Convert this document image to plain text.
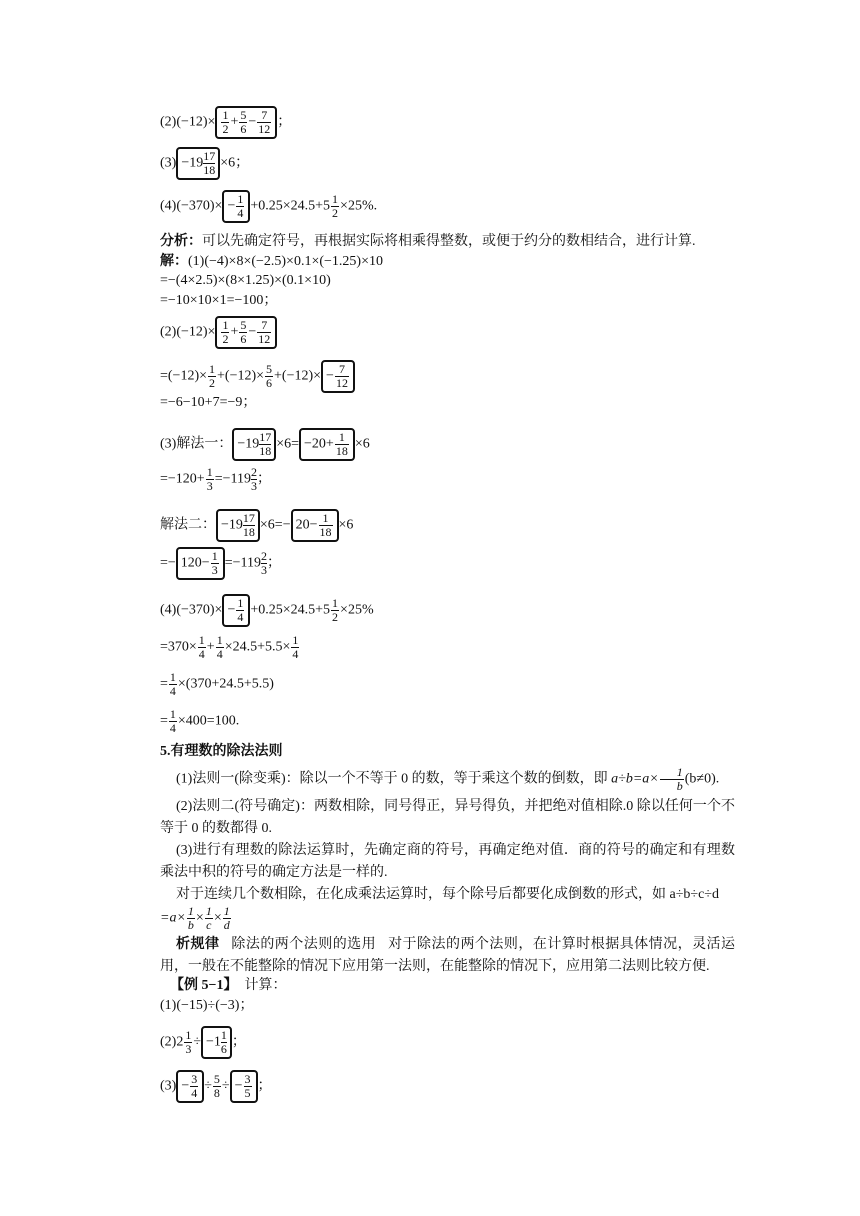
$(2)(-12)\times \frac{1}{2} + \frac{5}{6} - \frac{7}{12}$ ；
$(3) -19 \frac{17}{18} \times 6$；
$(4)(-370)\times - \frac{1}{4} +0.25\times 24.5+5 \frac{1}{2} \times 25\%$.
分析：可以先确定符号，再根据实际将相乘得整数，或便于约分的数相结合，进行计算.
解：(1)(−4)×8×(−2.5)×0.1×(−1.25)×10
=−(4×2.5)×(8×1.25)×(0.1×10)
=−10×10×1=−100；
$(2)(-12)\times \frac{1}{2} + \frac{5}{6} - \frac{7}{12}$
$=(-12)\times \frac{1}{2} +(-12)\times \frac{5}{6} +(-12)\times - \frac{7}{12}$
=−6−10+7=−9；
(3)解法一： $-19 \frac{17}{18} \times 6= -20+ \frac{1}{18} \times 6$
$=-120+ \frac{1}{3} =-119 \frac{2}{3}$ ；
解法二： $-19 \frac{17}{18} \times 6=- 20- \frac{1}{18} \times 6$
=− $120- \frac{1}{3} =-119 \frac{2}{3}$ ；
$(4)(-370)\times - \frac{1}{4} +0.25\times 24.5+5 \frac{1}{2} \times 25\%$
$=370\times \frac{1}{4} + \frac{1}{4} \times 24.5+5.5\times \frac{1}{4}$
= $\frac{1}{4} \times(370+24.5+5.5)$
= $\frac{1}{4} \times 400=100$.
5.有理数的除法法则
(1)法则一(除变乘)：除以一个不等于 0 的数，等于乘这个数的倒数，即 $a\div b=a\times \frac{1}{b} (b\ne 0)$.
(2)法则二(符号确定)：两数相除，同号得正，异号得负，并把绝对值相除.0 除以任何一个不等于 0 的数都得 0.
(3)进行有理数的除法运算时，先确定商的符号，再确定绝对值．商的符号的确定和有理数乘法中积的符号的确定方法是一样的.
对于连续几个数相除，在化成乘法运算时，每个除号后都要化成倒数的形式，如 a÷b÷c÷d
$=a\times \frac{1}{b} \times \frac{1}{c} \times \frac{1}{d}$
析规律 除法的两个法则的选用 对于除法的两个法则，在计算时根据具体情况，灵活运用，一般在不能整除的情况下应用第一法则，在能整除的情况下，应用第二法则比较方便.
【例 5−1】 计算：
(1)(−15)÷(−3)；
$(2)2 \frac{1}{3} \div -1 \frac{1}{6}$ ；
$(3) - \frac{3}{4} \div \frac{5}{8}$ ÷ − $\frac{3}{5}$ ；
